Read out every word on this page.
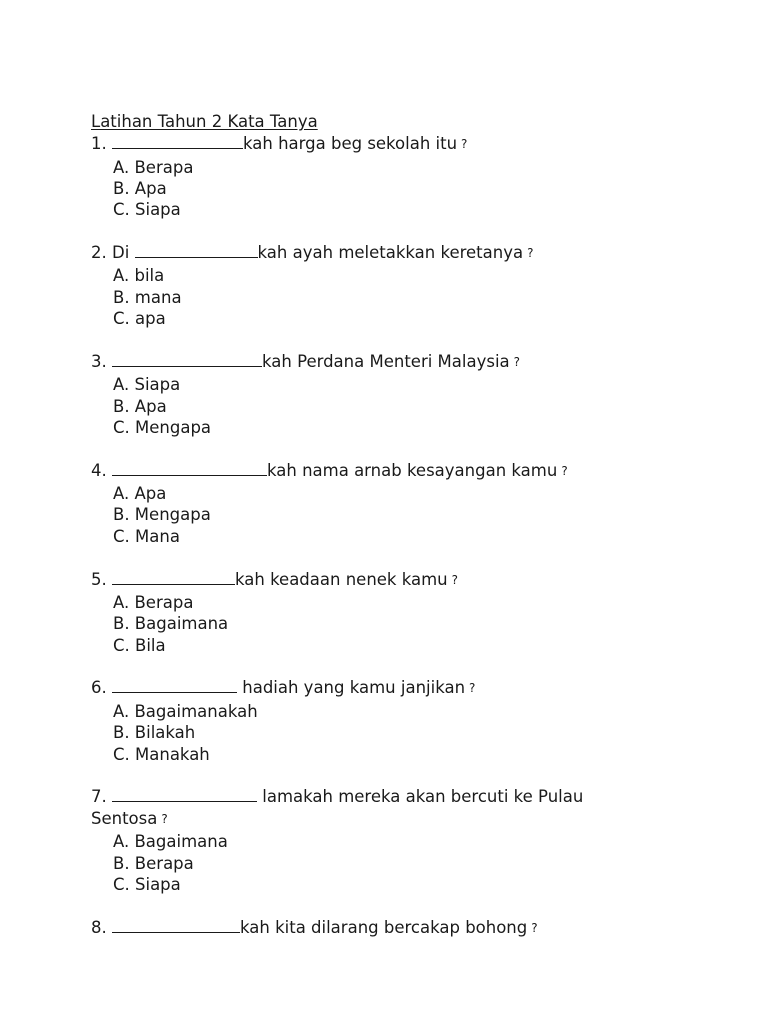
Latihan Tahun 2 Kata Tanya
1.	kah harga beg sekolah itu ?
A. Berapa
B. Apa
C. Siapa
2. Di	kah ayah meletakkan keretanya ?
A. bila
B. mana
C. apa
3.	kah Perdana Menteri Malaysia ?
A. Siapa
B. Apa
C. Mengapa
4.	kah nama arnab kesayangan kamu ?
A. Apa
B. Mengapa
C. Mana
5.	kah keadaan nenek kamu ?
A. Berapa
B. Bagaimana
C. Bila
6.	hadiah yang kamu janjikan ?
A. Bagaimanakah
B. Bilakah
C. Manakah
7.	lamakah mereka akan bercuti ke Pulau Sentosa ?
A. Bagaimana
B. Berapa
C. Siapa
8.	kah kita dilarang bercakap bohong ?
